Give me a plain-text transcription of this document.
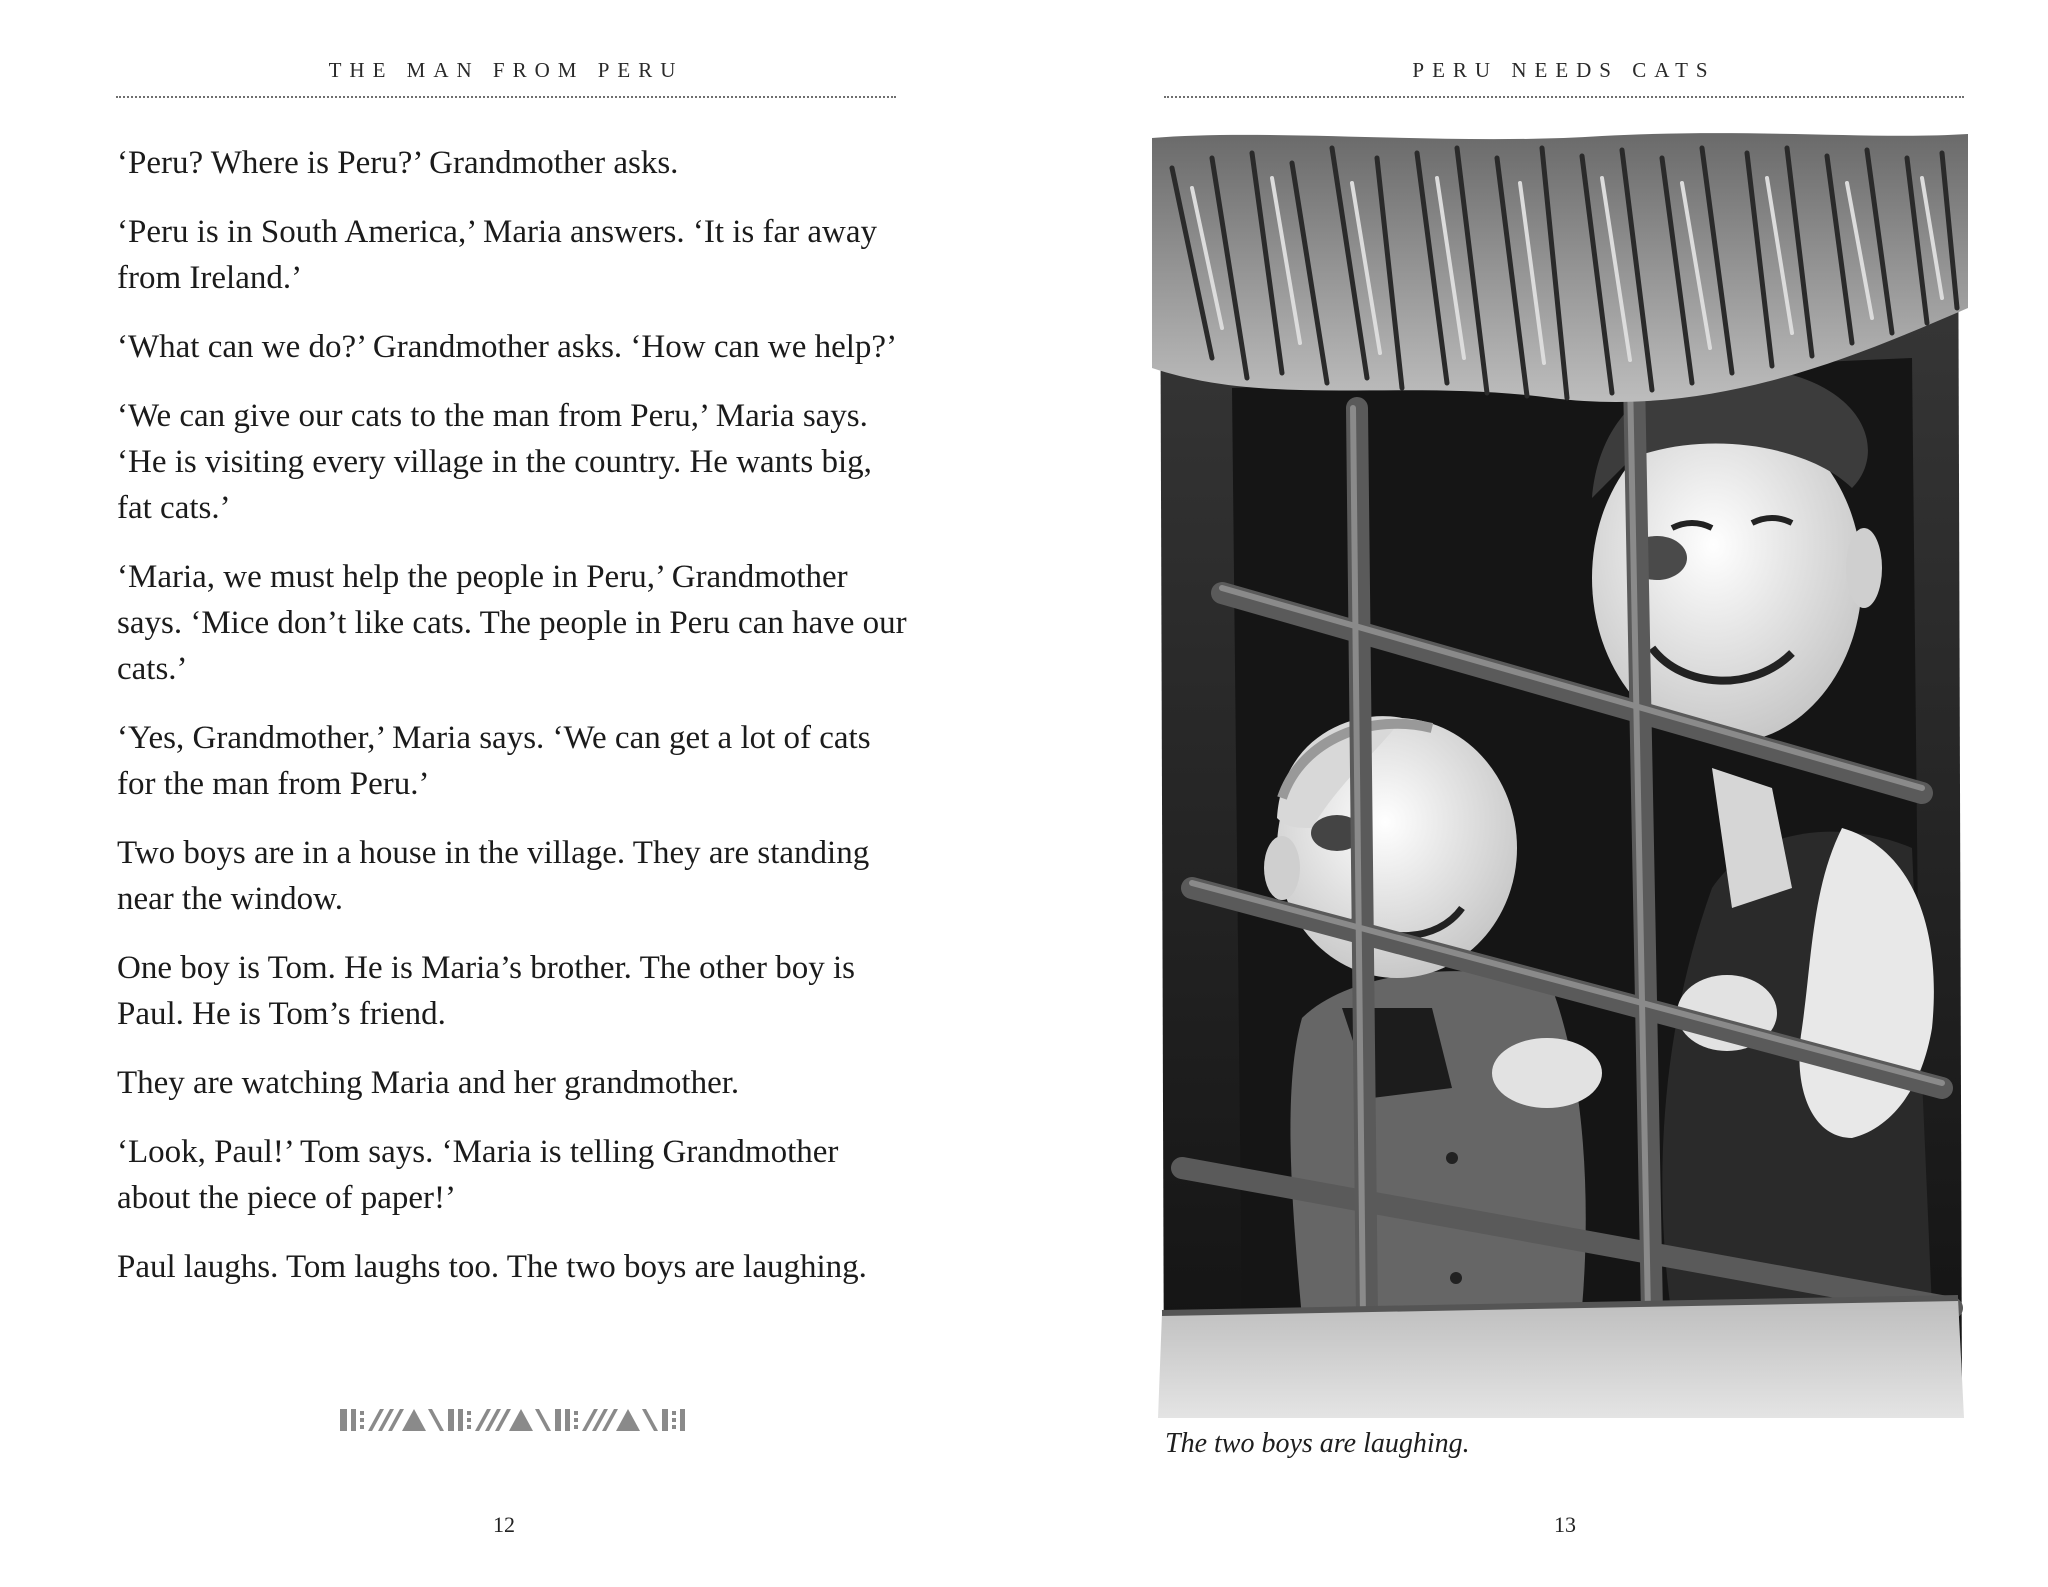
THE MAN FROM PERU

‘Peru? Where is Peru?’ Grandmother asks.

‘Peru is in South America,’ Maria answers. ‘It is far away from Ireland.’

‘What can we do?’ Grandmother asks. ‘How can we help?’

‘We can give our cats to the man from Peru,’ Maria says. ‘He is visiting every village in the country. He wants big, fat cats.’

‘Maria, we must help the people in Peru,’ Grandmother says. ‘Mice don’t like cats. The people in Peru can have our cats.’

‘Yes, Grandmother,’ Maria says. ‘We can get a lot of cats for the man from Peru.’

Two boys are in a house in the village. They are standing near the window.

One boy is Tom. He is Maria’s brother. The other boy is Paul. He is Tom’s friend.

They are watching Maria and her grandmother.

‘Look, Paul!’ Tom says. ‘Maria is telling Grandmother about the piece of paper!’

Paul laughs. Tom laughs too. The two boys are laughing.

12
PERU NEEDS CATS
The two boys are laughing.
13
